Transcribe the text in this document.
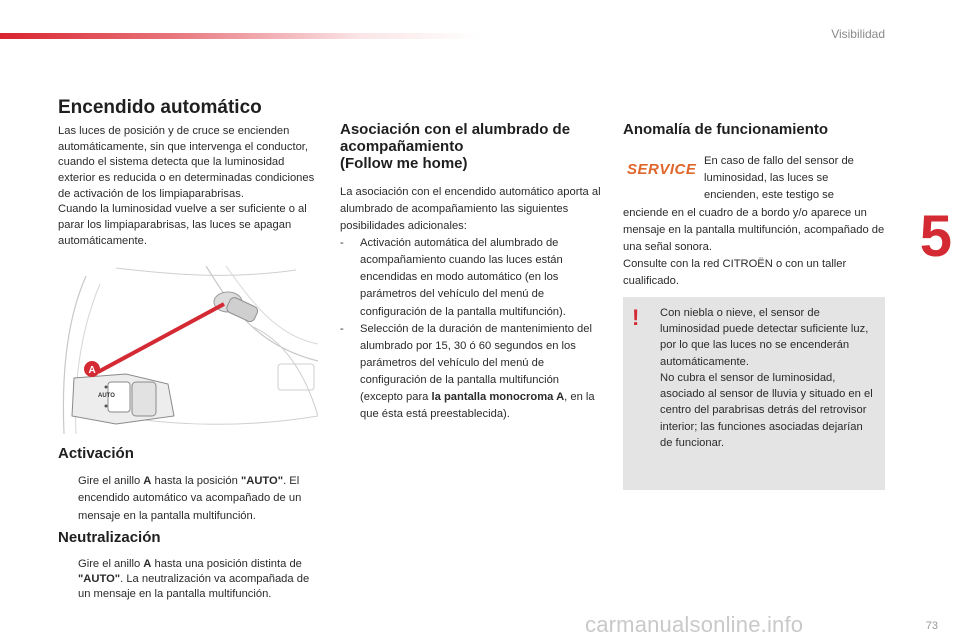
Visibilidad
5
Encendido automático

Las luces de posición y de cruce se encienden automáticamente, sin que intervenga el conductor, cuando el sistema detecta que la luminosidad exterior es reducida o en determinadas condiciones de activación de los limpiaparabrisas.

Cuando la luminosidad vuelve a ser suficiente o al parar los limpiaparabrisas, las luces se apagan automáticamente.

AUTO
A
Activación
Gire el anillo A hasta la posición "AUTO". El encendido automático va acompañado de un mensaje en la pantalla multifunción.
Neutralización
Gire el anillo A hasta una posición distinta de "AUTO". La neutralización va acompañada de un mensaje en la pantalla multifunción.
Asociación con el alumbrado de
acompañamiento
(Follow me home)

La asociación con el encendido automático aporta al alumbrado de acompañamiento las siguientes posibilidades adicionales:

-	Activación automática del alumbrado de acompañamiento cuando las luces están encendidas en modo automático (en los parámetros del vehículo del menú de configuración de la pantalla multifunción).
-	Selección de la duración de mantenimiento del alumbrado por 15, 30 ó 60 segundos en los parámetros del vehículo del menú de configuración de la pantalla multifunción (excepto para la pantalla monocroma A, en la que ésta está preestablecida).
Anomalía de funcionamiento
SERVICE En caso de fallo del sensor de luminosidad, las luces se encienden, este testigo se

enciende en el cuadro de a bordo y/o aparece un mensaje en la pantalla multifunción, acompañado de una señal sonora.

Consulte con la red CITROËN o con un taller cualificado.

! Con niebla o nieve, el sensor de luminosidad puede detectar suficiente luz, por lo que las luces no se encenderán automáticamente.

No cubra el sensor de luminosidad, asociado al sensor de lluvia y situado en el centro del parabrisas detrás del retrovisor interior; las funciones asociadas dejarían de funcionar.

carmanualsonline.info	73
